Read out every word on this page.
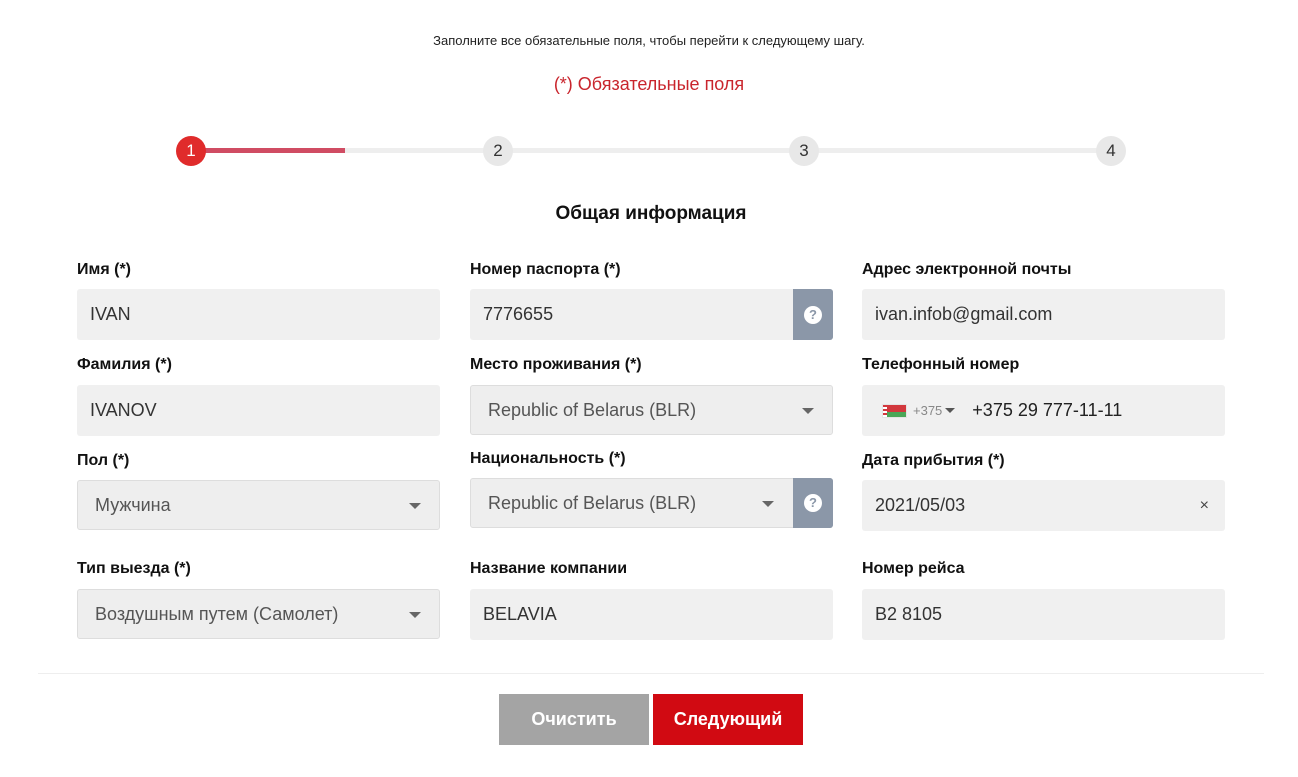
Заполните все обязательные поля, чтобы перейти к следующему шагу.
(*) Обязательные поля
1	2	3	4
Общая информация
Имя (*)
IVAN
Номер паспорта (*)
7776655	?
Адрес электронной почты
ivan.infob@gmail.com
Фамилия (*)
IVANOV
Место проживания (*)
Republic of Belarus (BLR)
Телефонный номер
+375 +375 29 777-11-11
Пол (*)
Мужчина
Национальность (*)
Republic of Belarus (BLR)	?
Дата прибытия (*)
2021/05/03	×
Тип выезда (*)
Воздушным путем (Самолет)
Название компании
BELAVIA
Номер рейса
B2 8105
Очистить	Следующий
